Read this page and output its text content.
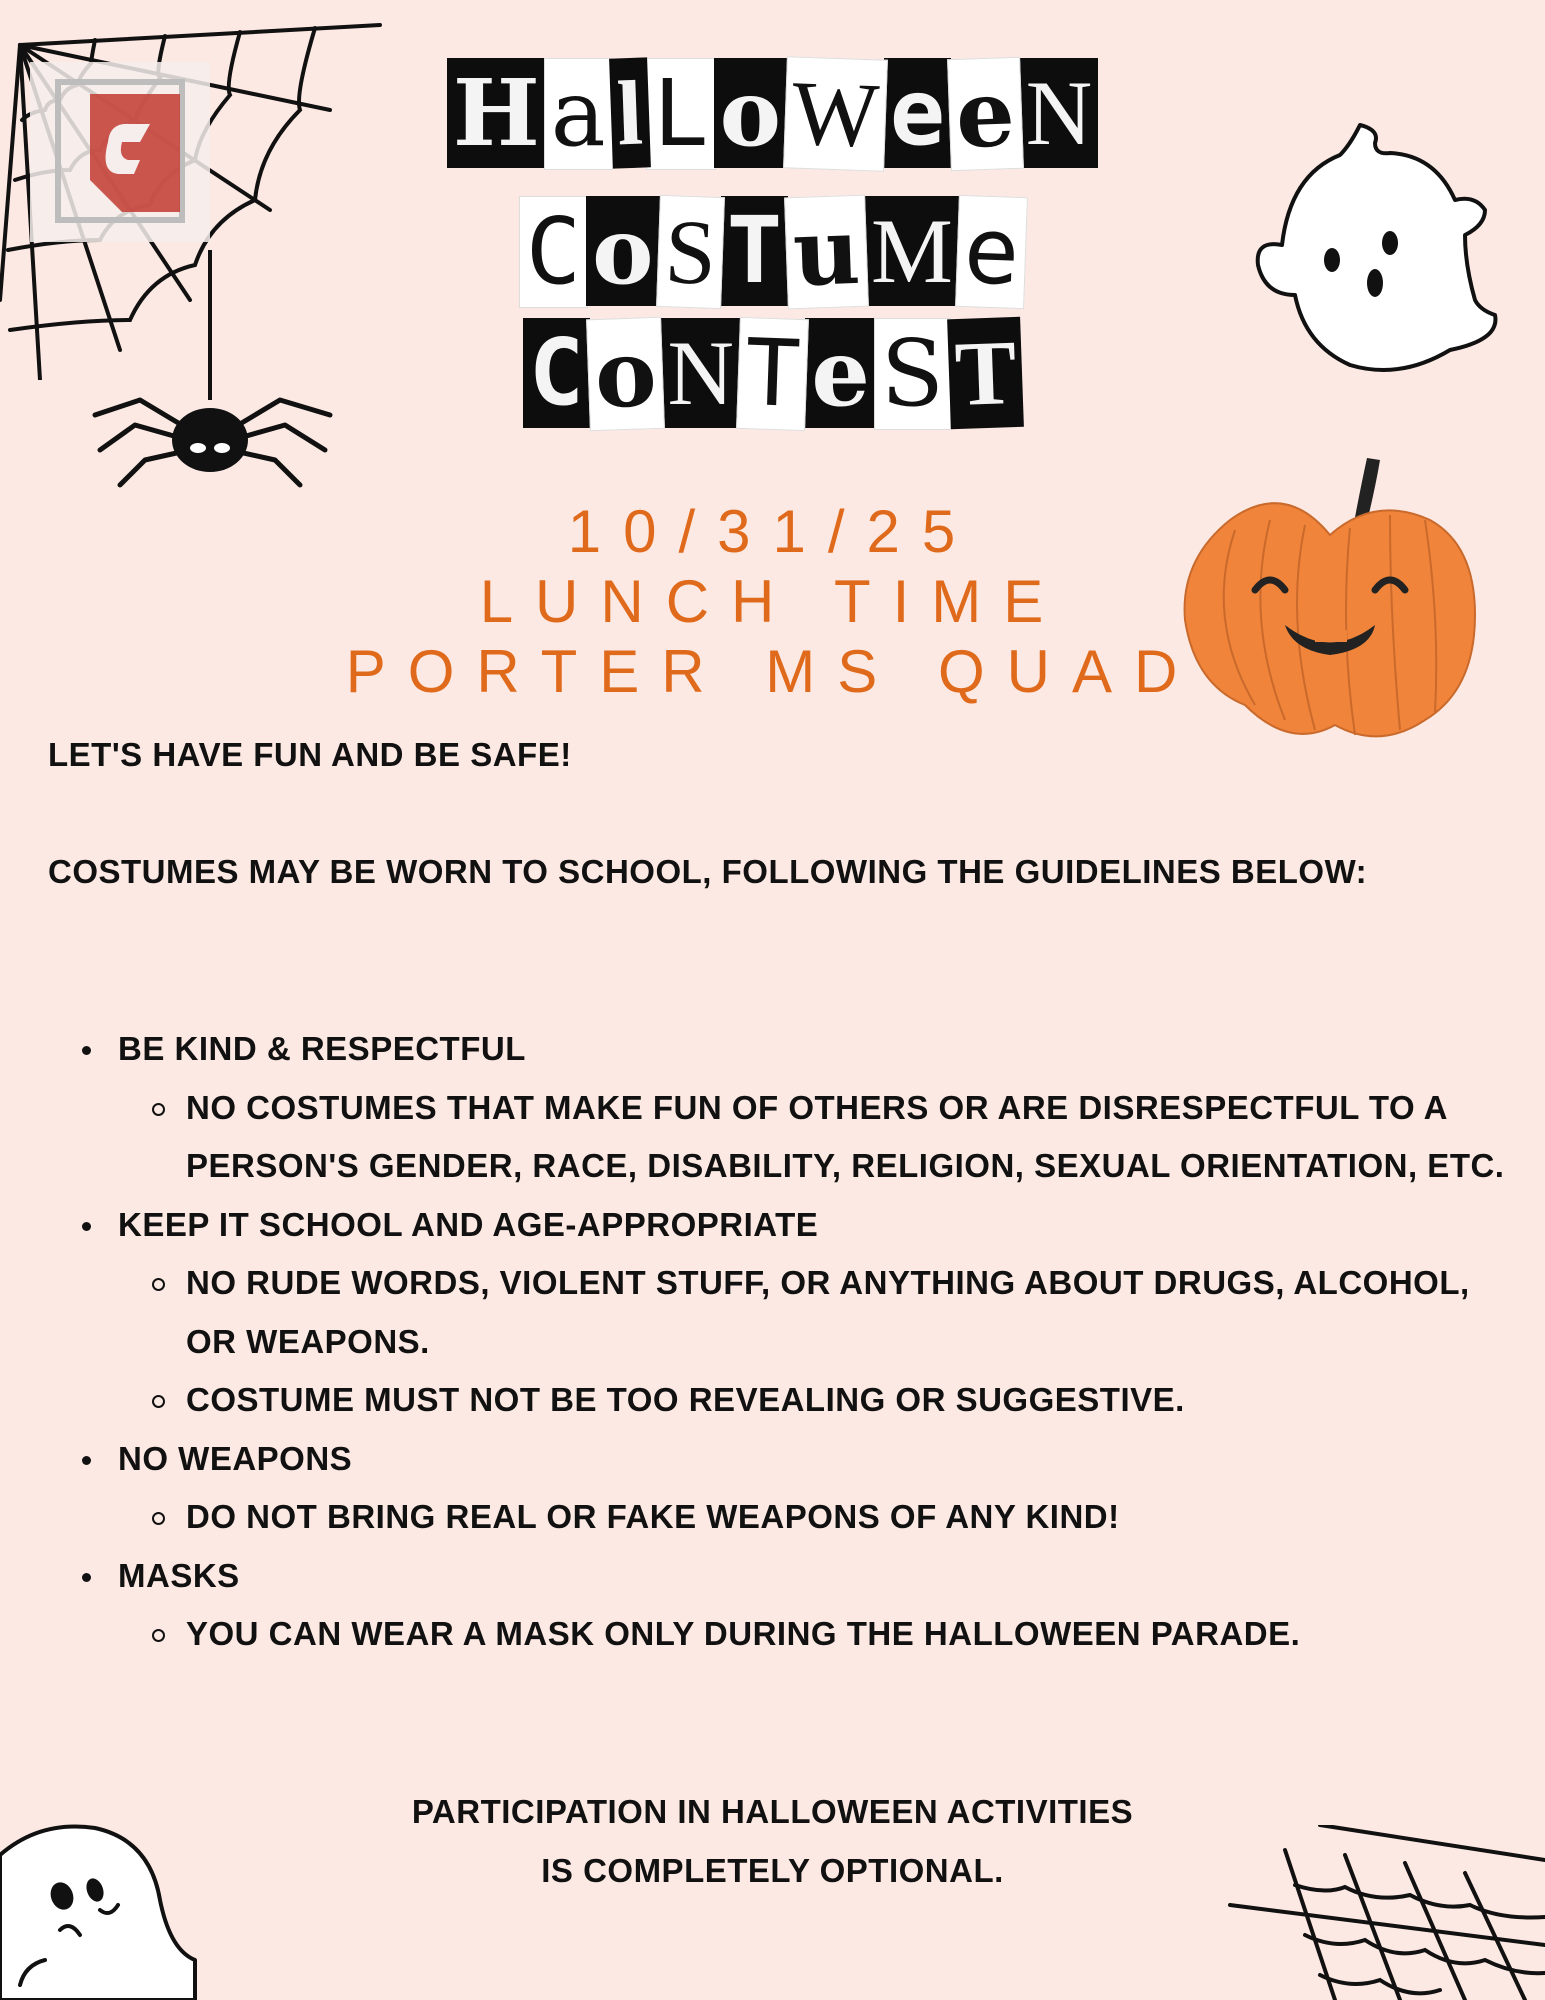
H a l L o W e e N
C o S T u M e
C o N T e S T
10/31/25
LUNCH TIME
PORTER MS QUAD
LET'S HAVE FUN AND BE SAFE!
COSTUMES MAY BE WORN TO SCHOOL, FOLLOWING THE GUIDELINES BELOW:
BE KIND & RESPECTFUL
NO COSTUMES THAT MAKE FUN OF OTHERS OR ARE DISRESPECTFUL TO A PERSON'S GENDER, RACE, DISABILITY, RELIGION, SEXUAL ORIENTATION, ETC.
KEEP IT SCHOOL AND AGE-APPROPRIATE
NO RUDE WORDS, VIOLENT STUFF, OR ANYTHING ABOUT DRUGS, ALCOHOL, OR WEAPONS.
COSTUME MUST NOT BE TOO REVEALING OR SUGGESTIVE.
NO WEAPONS
DO NOT BRING REAL OR FAKE WEAPONS OF ANY KIND!
MASKS
YOU CAN WEAR A MASK ONLY DURING THE HALLOWEEN PARADE.
PARTICIPATION IN HALLOWEEN ACTIVITIES
IS COMPLETELY OPTIONAL.
